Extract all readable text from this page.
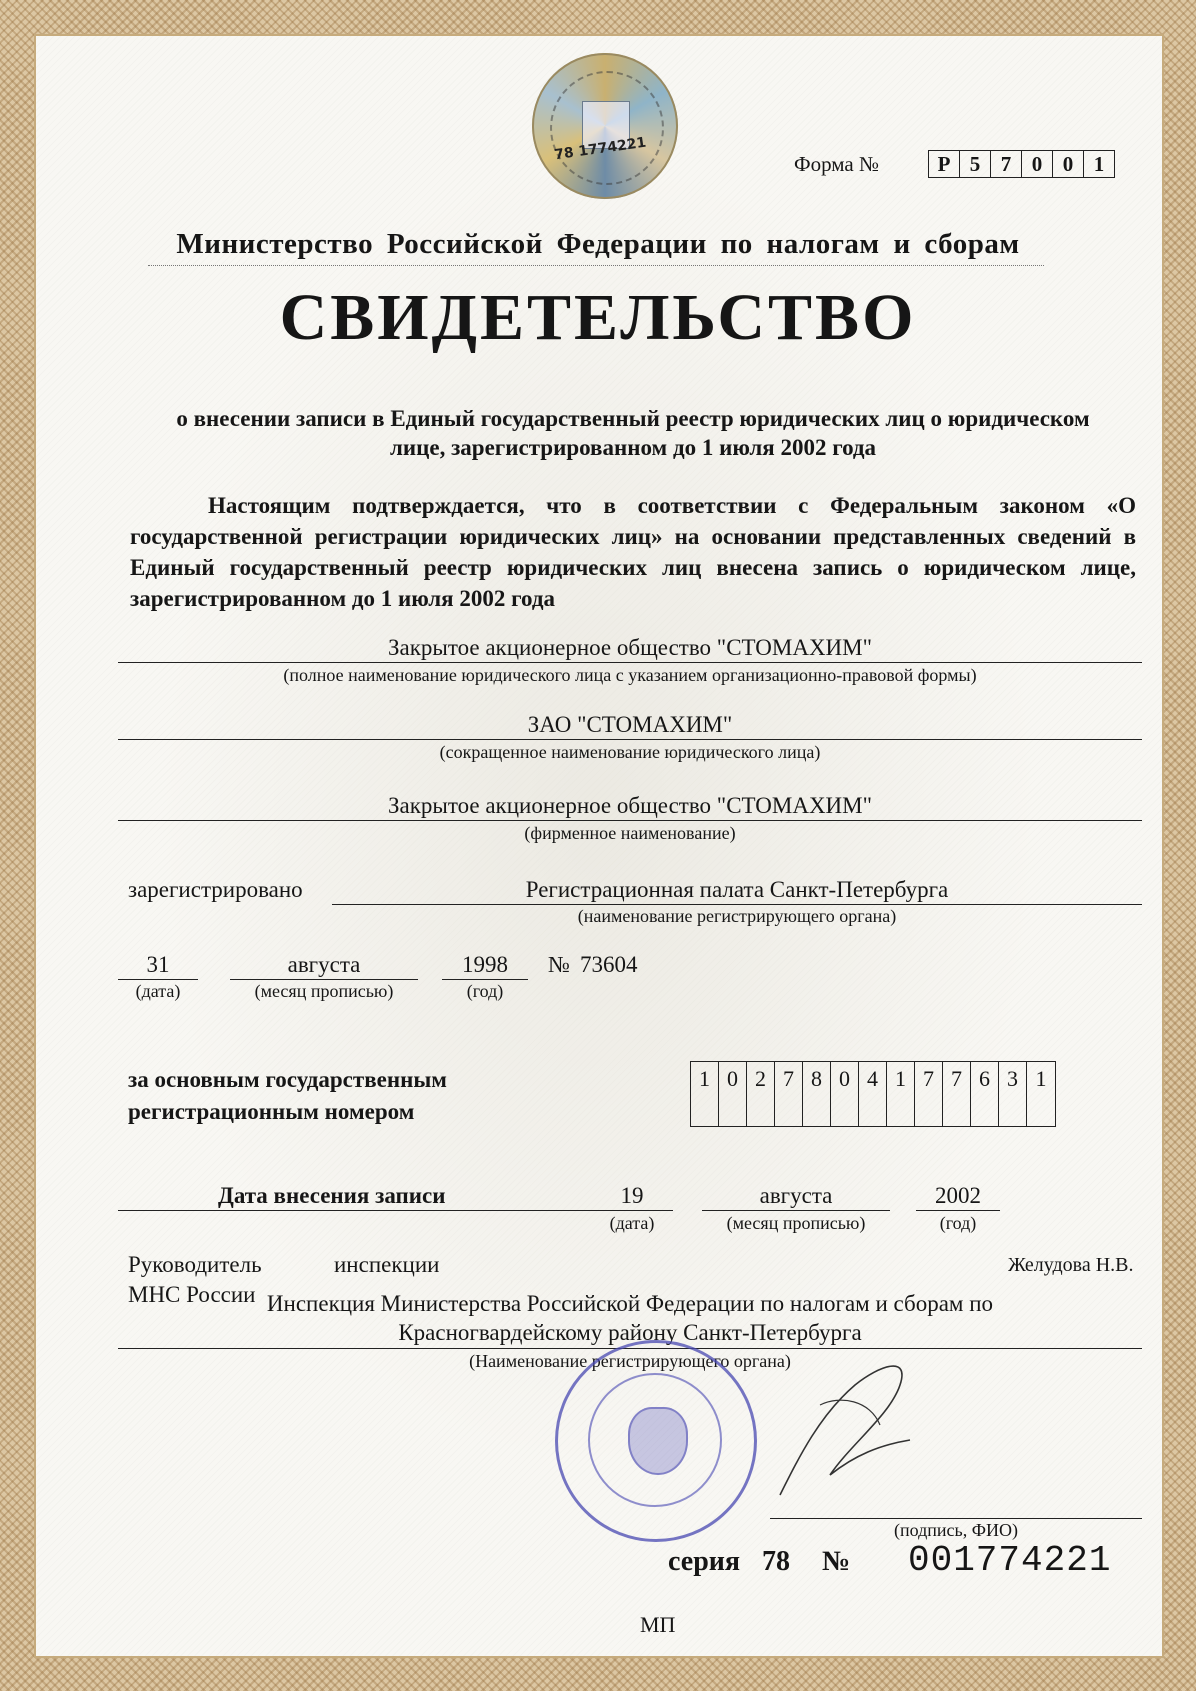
78 1774221
Форма №	Р 5 7 0 0 1
Министерство Российской Федерации по налогам и сборам
СВИДЕТЕЛЬСТВО
о внесении записи в Единый государственный реестр юридических лиц о юридическом
лице, зарегистрированном до 1 июля 2002 года
Настоящим подтверждается, что в соответствии с Федеральным законом «О государственной регистрации юридических лиц» на основании представленных сведений в Единый государственный реестр юридических лиц внесена запись о юридическом лице, зарегистрированном до 1 июля 2002 года
Закрытое акционерное общество "СТОМАХИМ"
(полное наименование юридического лица с указанием организационно-правовой формы)
ЗАО "СТОМАХИМ"
(сокращенное наименование юридического лица)
Закрытое акционерное общество "СТОМАХИМ"
(фирменное наименование)
зарегистрировано	Регистрационная палата Санкт-Петербурга
(наименование регистрирующего органа)
31
(дата)
августа
(месяц прописью)
1998
(год)
№ 73604
за основным государственным
регистрационным номером
1 0 2 7 8 0 4 1 7 7 6 3 1
Дата внесения записи	19
(дата)
августа
(месяц прописью)
2002
(год)
Инспекция Министерства Российской Федерации по налогам и сборам по
Красногвардейскому району Санкт-Петербурга
(Наименование регистрирующего органа)
Руководитель	инспекции
МНС России
Желудова Н.В.
(подпись, ФИО)
серия 78 № 001774221
МП
